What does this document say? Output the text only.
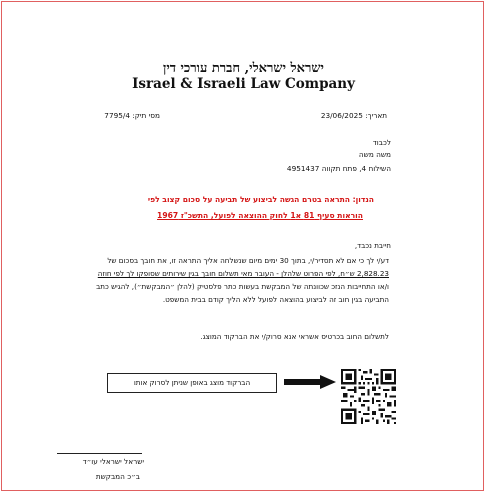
ישראל ישראלי, חברת עורכי דין
Israel & Israeli Law Company
תאריך: 23/06/2025
מסי תיק: 7795/4
לכבוד
משה משה
השילוח 4, פתח תקווה 4951437
הנדון: התראה בטרם הגשה לביצוע של תביעה על סכום קצוב לפי
הוראות סעיף 81 א1 לחוק ההוצאה לפועל, התשכ"ז 1967
חייבת נכבד,
דע/י לך כי אם לא תסדיר/י, בתוך 30 ימים מיום שנשלחה אליך התראה זו, את חובך בסכום של
2,828.23 ש״ח, לפי הפרוט שלהלן - העובר מאי תשלום חובך בגין שירותים שסופקו לך לפי חוזה
ו/או התחייבות הנזכ שכוונתה של המבקשת בעשות כתר פלסטיק (להלן ״המבקשת״), להגיש כתב
התביעה בגין חוב זה לביצוע בהוצאה לפועל ללא הליך קודם בבית המשפט.
לתשלום החוב בכרטיס אשראי אנא סרוק/י את הברקוד המוצג.
הברקוד מוצג באופן שניתן לסרוק אותו
ישראל ישראלי עו״ד
ב״כ המבקשת
